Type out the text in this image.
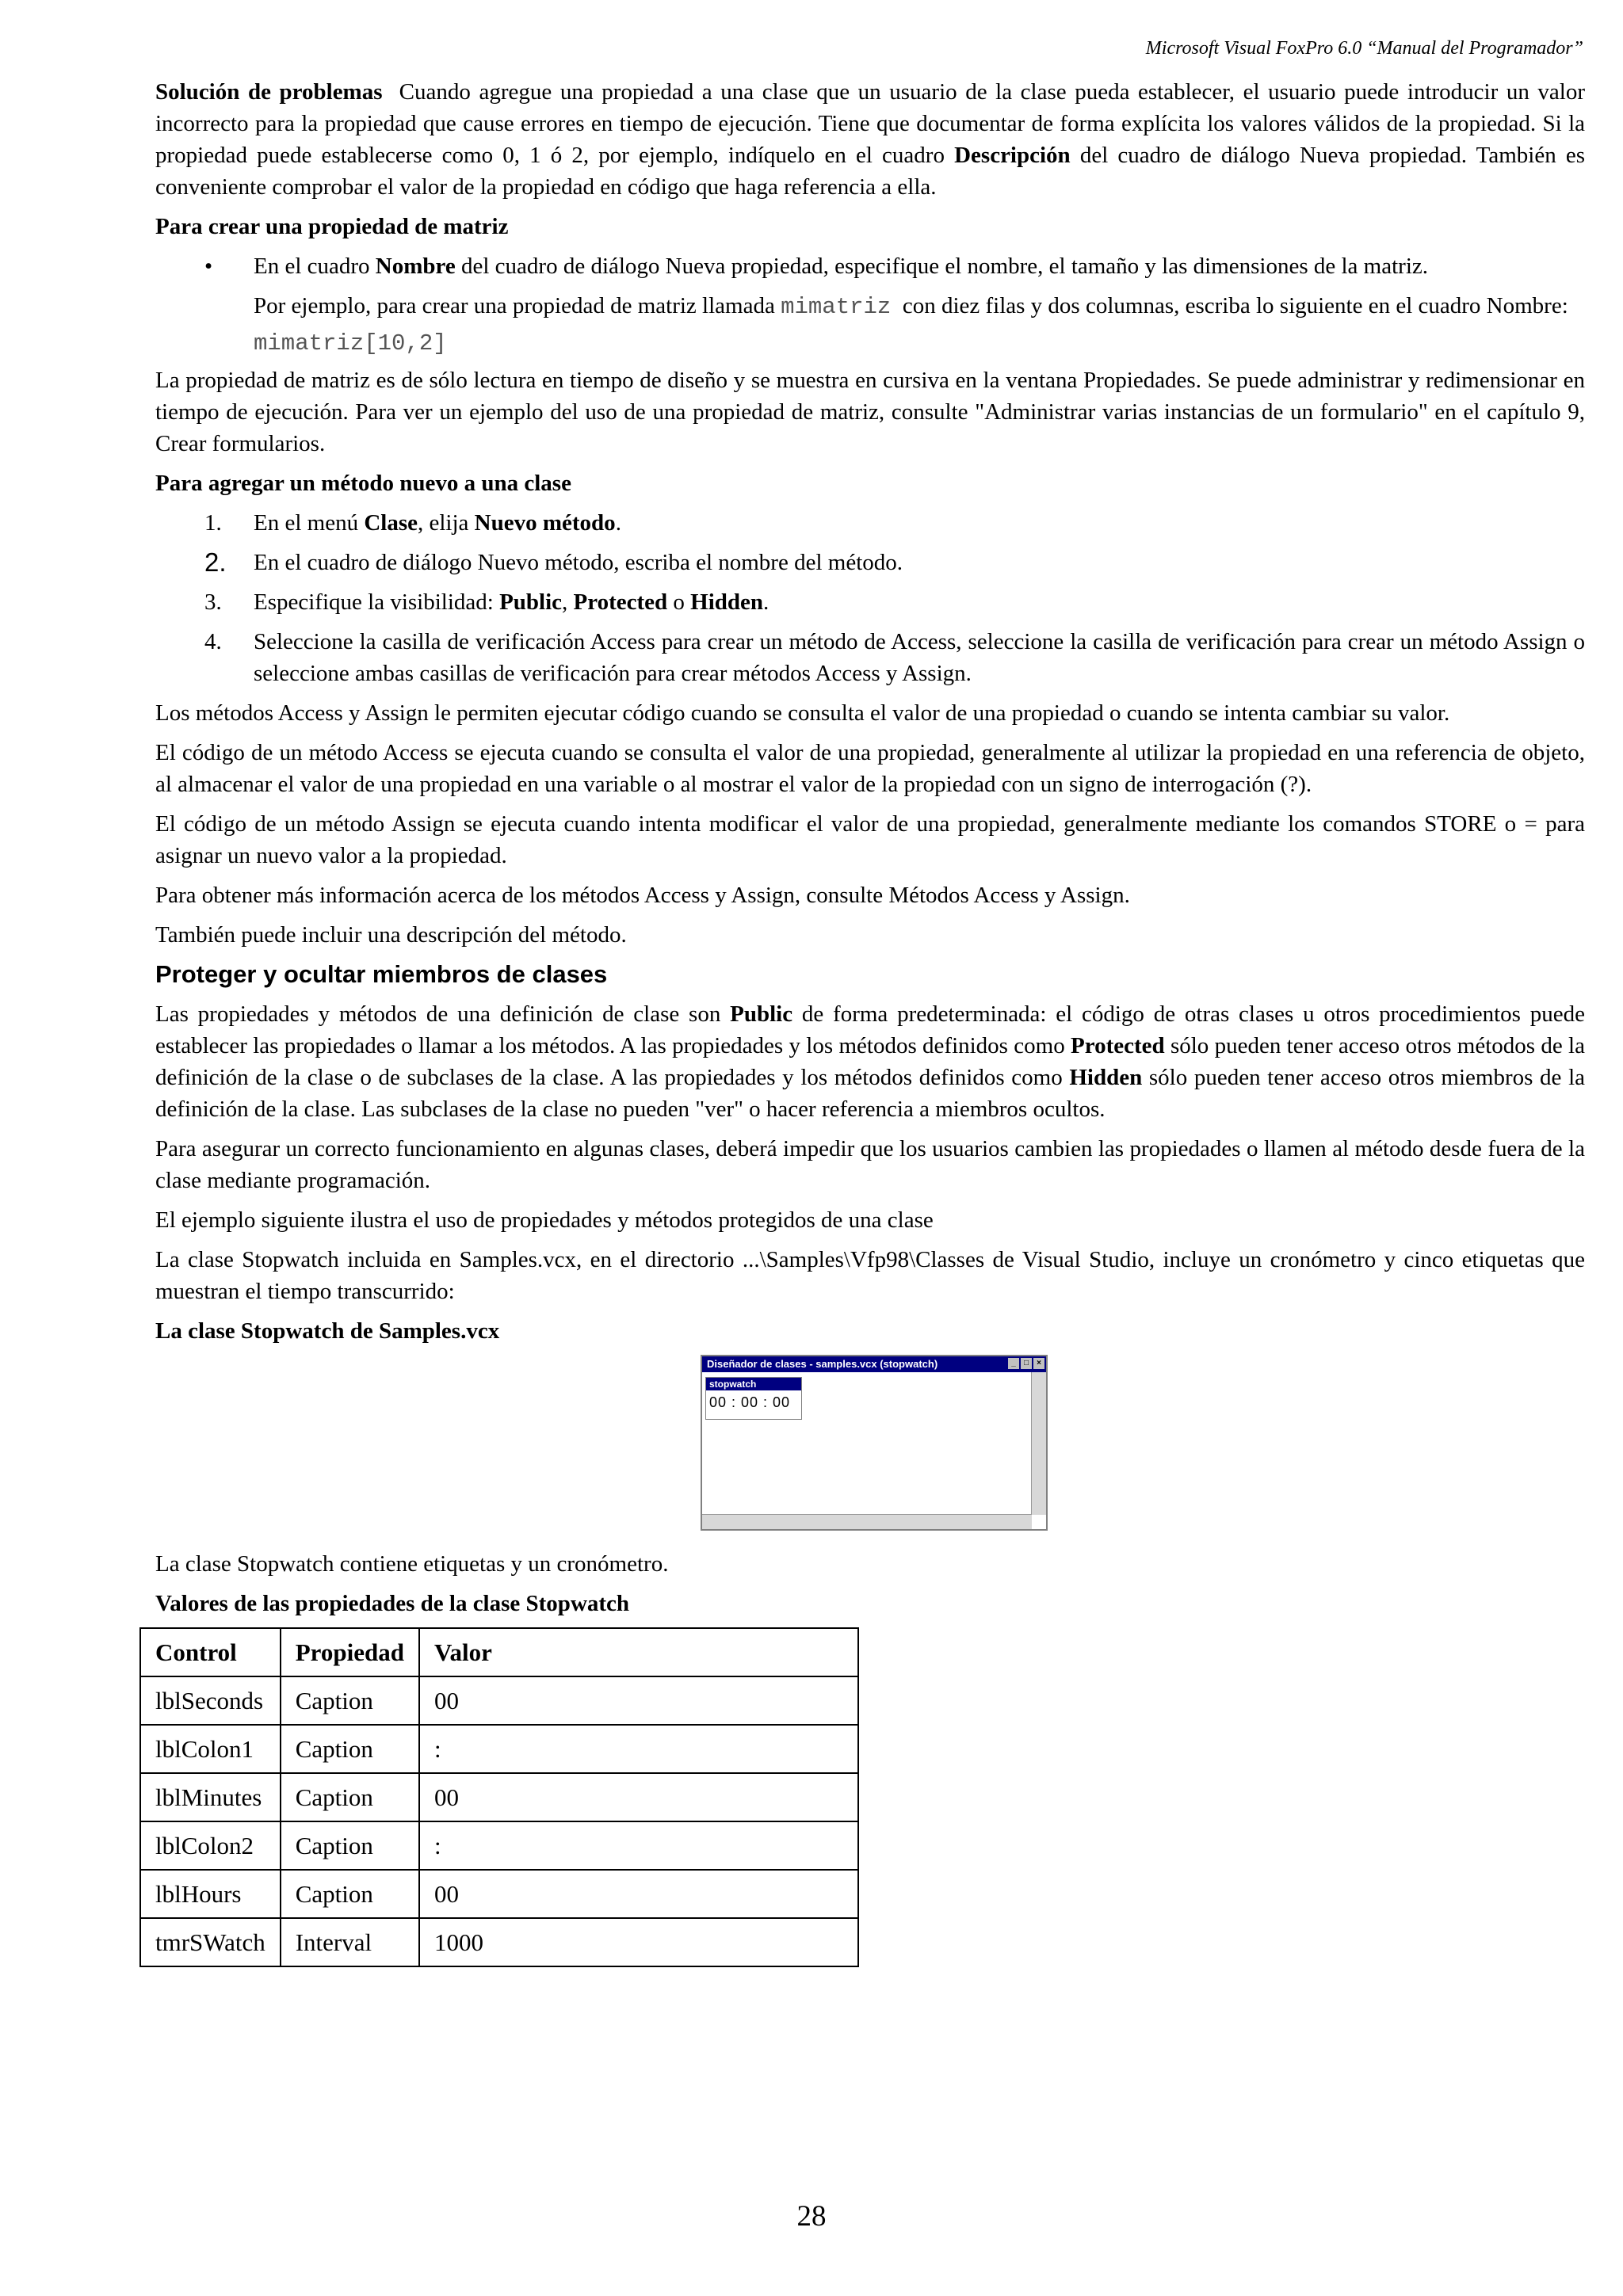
Microsoft Visual FoxPro 6.0 “Manual del Programador”

Solución de problemas  Cuando agregue una propiedad a una clase que un usuario de la clase pueda establecer, el usuario puede introducir un valor incorrecto para la propiedad que cause errores en tiempo de ejecución. Tiene que documentar de forma explícita los valores válidos de la propiedad. Si la propiedad puede establecerse como 0, 1 ó 2, por ejemplo, indíquelo en el cuadro Descripción del cuadro de diálogo Nueva propiedad. También es conveniente comprobar el valor de la propiedad en código que haga referencia a ella.

Para crear una propiedad de matriz
• En el cuadro Nombre del cuadro de diálogo Nueva propiedad, especifique el nombre, el tamaño y las dimensiones de la matriz.
Por ejemplo, para crear una propiedad de matriz llamada mimatriz  con diez filas y dos columnas, escriba lo siguiente en el cuadro Nombre:
mimatriz[10,2]

La propiedad de matriz es de sólo lectura en tiempo de diseño y se muestra en cursiva en la ventana Propiedades. Se puede administrar y redimensionar en tiempo de ejecución. Para ver un ejemplo del uso de una propiedad de matriz, consulte "Administrar varias instancias de un formulario" en el capítulo 9, Crear formularios.

Para agregar un método nuevo a una clase
1. En el menú Clase, elija Nuevo método.
2. En el cuadro de diálogo Nuevo método, escriba el nombre del método.
3. Especifique la visibilidad: Public, Protected o Hidden.
4. Seleccione la casilla de verificación Access para crear un método de Access, seleccione la casilla de verificación para crear un método Assign o seleccione ambas casillas de verificación para crear métodos Access y Assign.

Los métodos Access y Assign le permiten ejecutar código cuando se consulta el valor de una propiedad o cuando se intenta cambiar su valor.

El código de un método Access se ejecuta cuando se consulta el valor de una propiedad, generalmente al utilizar la propiedad en una referencia de objeto, al almacenar el valor de una propiedad en una variable o al mostrar el valor de la propiedad con un signo de interrogación (?).

El código de un método Assign se ejecuta cuando intenta modificar el valor de una propiedad, generalmente mediante los comandos STORE o = para asignar un nuevo valor a la propiedad.

Para obtener más información acerca de los métodos Access y Assign, consulte Métodos Access y Assign.

También puede incluir una descripción del método.

Proteger y ocultar miembros de clases

Las propiedades y métodos de una definición de clase son Public de forma predeterminada: el código de otras clases u otros procedimientos puede establecer las propiedades o llamar a los métodos. A las propiedades y los métodos definidos como Protected sólo pueden tener acceso otros métodos de la definición de la clase o de subclases de la clase. A las propiedades y los métodos definidos como Hidden sólo pueden tener acceso otros miembros de la definición de la clase. Las subclases de la clase no pueden "ver" o hacer referencia a miembros ocultos.

Para asegurar un correcto funcionamiento en algunas clases, deberá impedir que los usuarios cambien las propiedades o llamen al método desde fuera de la clase mediante programación.

El ejemplo siguiente ilustra el uso de propiedades y métodos protegidos de una clase

La clase Stopwatch incluida en Samples.vcx, en el directorio ...\Samples\Vfp98\Classes de Visual Studio, incluye un cronómetro y cinco etiquetas que muestran el tiempo transcurrido:

La clase Stopwatch de Samples.vcx
Diseñador de clases - samples.vcx (stopwatch)	_	□	×
stopwatch
00 : 00 : 00

La clase Stopwatch contiene etiquetas y un cronómetro.

Valores de las propiedades de la clase Stopwatch
Control	Propiedad	Valor
lblSeconds	Caption	00
lblColon1	Caption	:
lblMinutes	Caption	00
lblColon2	Caption	:
lblHours	Caption	00
tmrSWatch	Interval	1000
28
